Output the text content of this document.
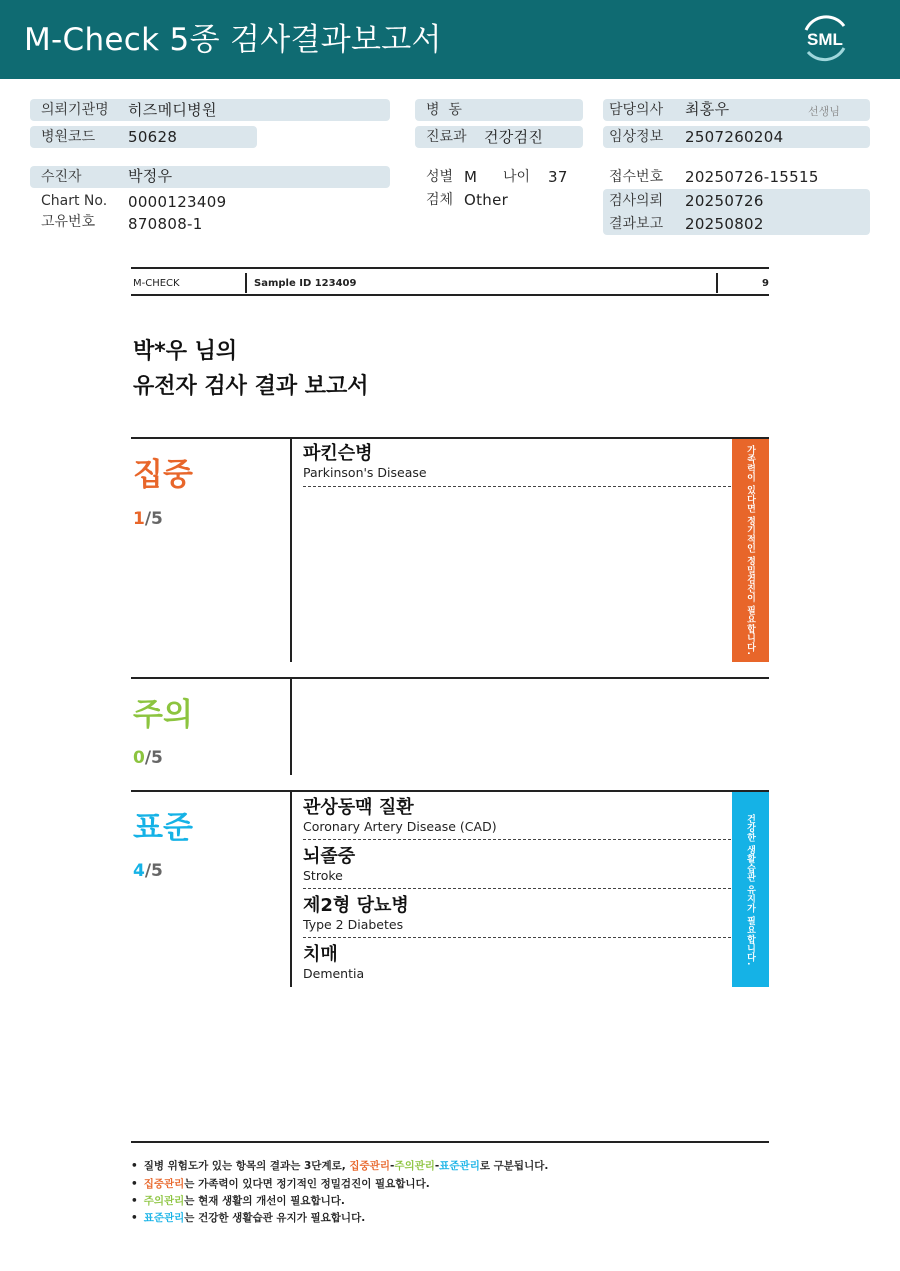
M-Check 5종 검사결과보고서	SML
의뢰기관명 히즈메디병원
병원코드 50628
병  동
진료과 건강검진
담당의사 최홍우	선생님
임상정보 2507260204
수진자	박정우
Chart No. 0000123409
고유번호 870808-1
성별 M 나이 37
검체 Other
접수번호 20250726-15515
검사의뢰 20250726
결과보고 20250802
M-CHECK	Sample ID 123409	9
박*우 님의
유전자 검사 결과 보고서
집중
1/5
파킨슨병
Parkinson's Disease	가족력이 있다면 정기적인 정밀검진이 필요합니다.
주의
0/5
표준
4/5
관상동맥 질환
Coronary Artery Disease (CAD)
뇌졸중
Stroke
제2형 당뇨병
Type 2 Diabetes
치매
Dementia
건강한 생활습관 유지가 필요합니다.
• 질병 위험도가 있는 항목의 결과는 3단계로, 집중관리-주의관리-표준관리로 구분됩니다.
• 집중관리는 가족력이 있다면 정기적인 정밀검진이 필요합니다.
• 주의관리는 현재 생활의 개선이 필요합니다.
• 표준관리는 건강한 생활습관 유지가 필요합니다.
